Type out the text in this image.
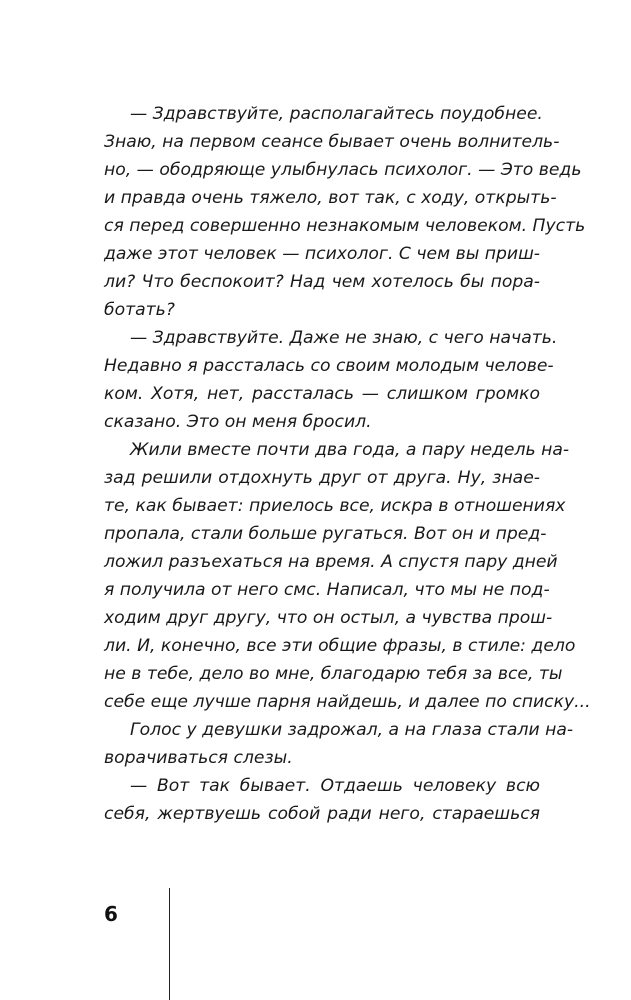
— Здравствуйте, располагайтесь поудобнее.
Знаю, на первом сеансе бывает очень волнитель-
но, — ободряюще улыбнулась психолог. — Это ведь
и правда очень тяжело, вот так, с ходу, открыть-
ся перед совершенно незнакомым человеком. Пусть
даже этот человек — психолог. С чем вы приш-
ли? Что беспокоит? Над чем хотелось бы пора-
ботать?
— Здравствуйте. Даже не знаю, с чего начать.
Недавно я рассталась со своим молодым челове-
ком. Хотя, нет, рассталась — слишком громко
сказано. Это он меня бросил.
Жили вместе почти два года, а пару недель на-
зад решили отдохнуть друг от друга. Ну, знае-
те, как бывает: приелось все, искра в отношениях
пропала, стали больше ругаться. Вот он и пред-
ложил разъехаться на время. А спустя пару дней
я получила от него смс. Написал, что мы не под-
ходим друг другу, что он остыл, а чувства прош-
ли. И, конечно, все эти общие фразы, в стиле: дело
не в тебе, дело во мне, благодарю тебя за все, ты
себе еще лучше парня найдешь, и далее по списку...
Голос у девушки задрожал, а на глаза стали на-
ворачиваться слезы.
— Вот так бывает. Отдаешь человеку всю
себя, жертвуешь собой ради него, стараешься
6
